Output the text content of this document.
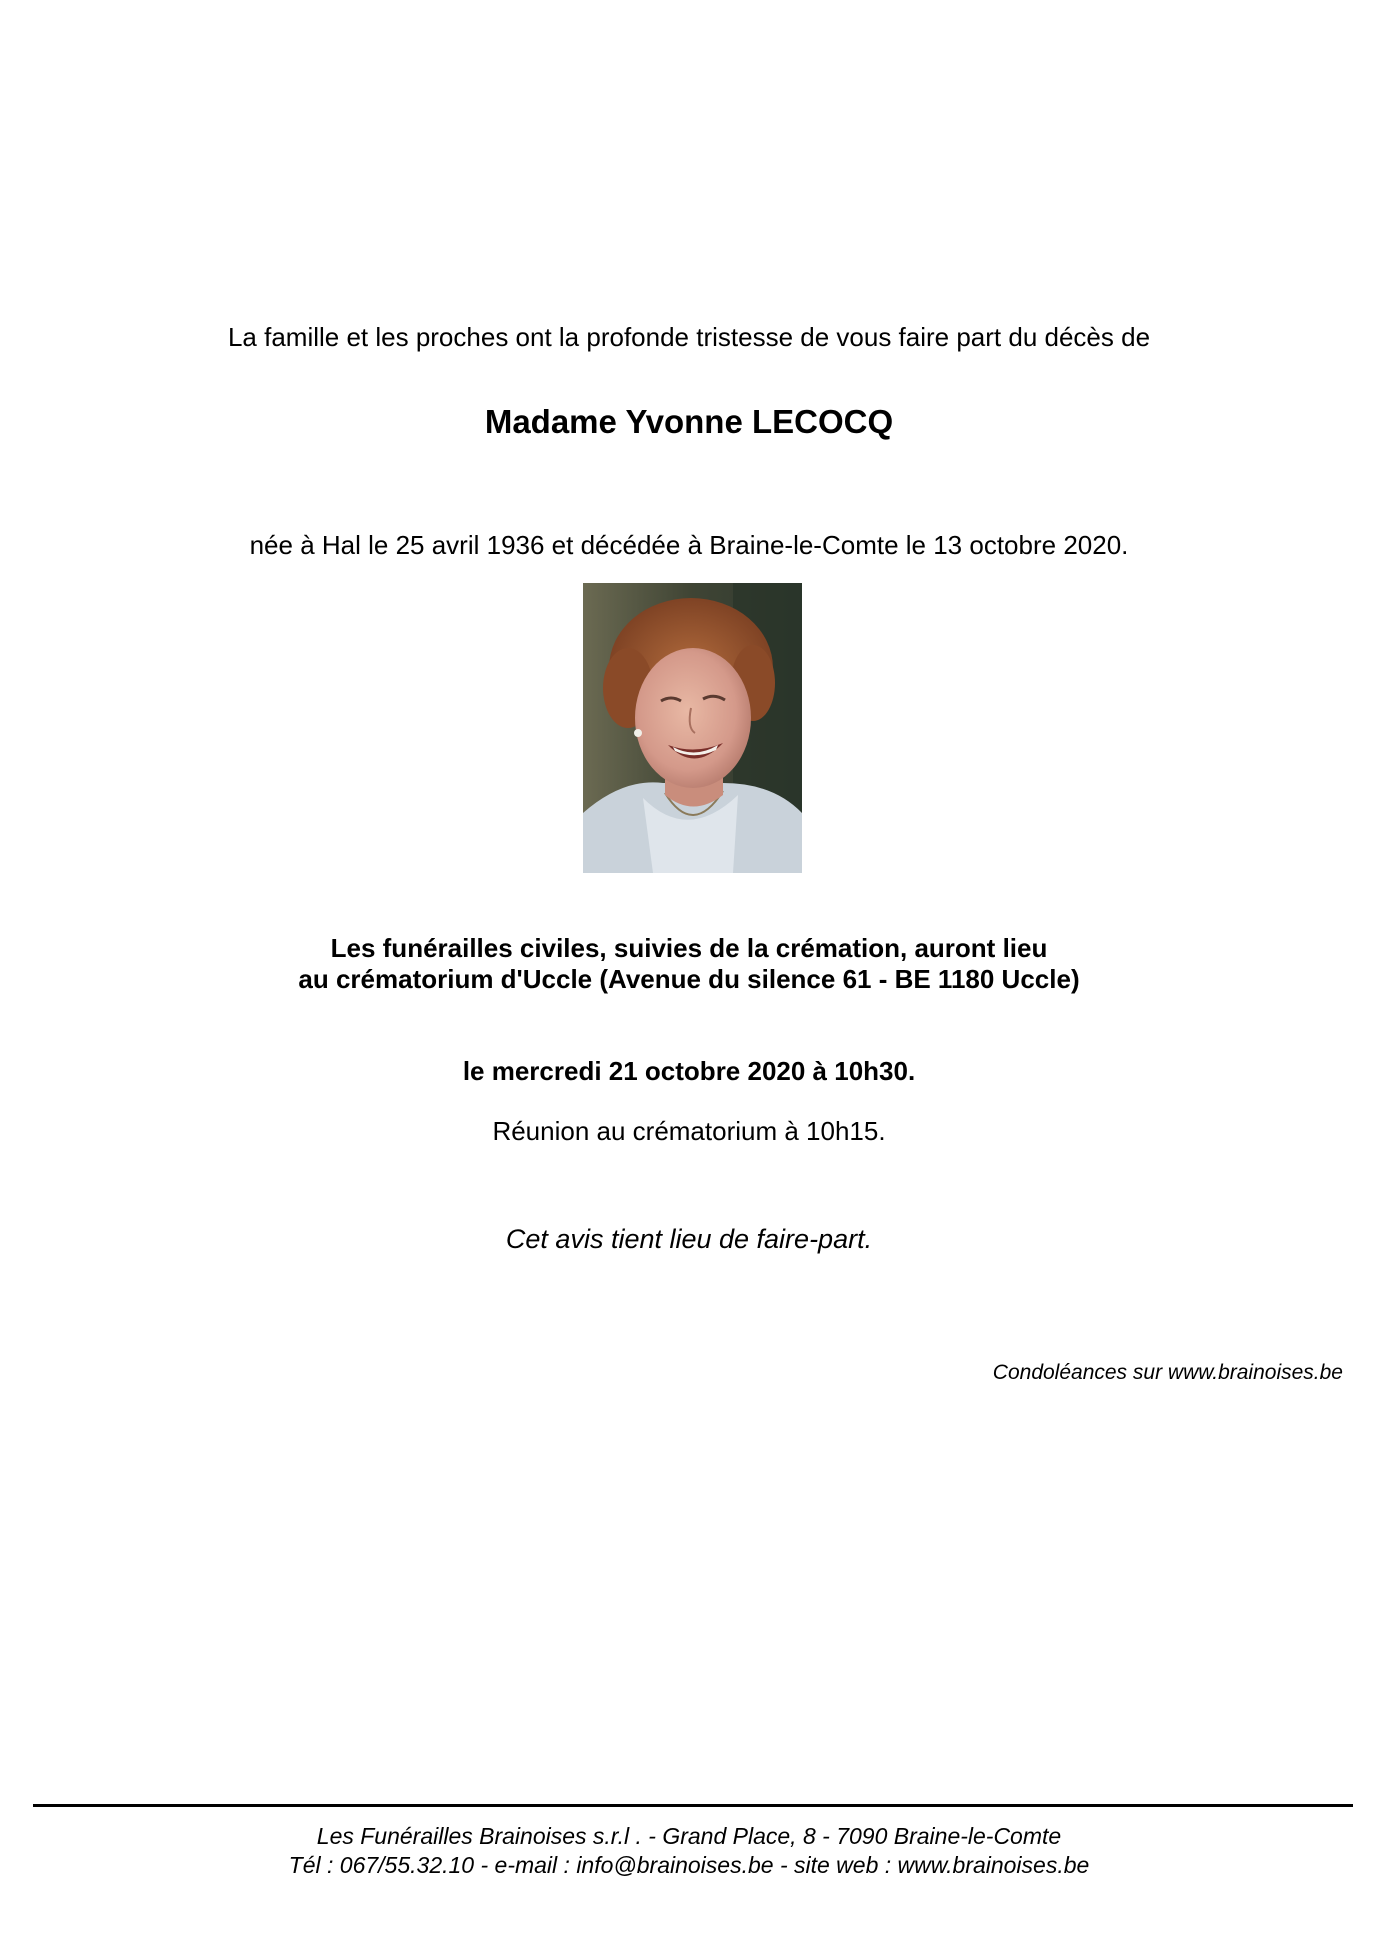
La famille et les proches ont la profonde tristesse de vous faire part du décès de
Madame Yvonne LECOCQ
née à Hal le 25 avril 1936 et décédée à Braine-le-Comte le 13 octobre 2020.
Les funérailles civiles, suivies de la crémation, auront lieu
au crématorium d'Uccle (Avenue du silence 61 - BE 1180 Uccle)
le mercredi 21 octobre 2020 à 10h30.
Réunion au crématorium à 10h15.
Cet avis tient lieu de faire-part.
Condoléances sur www.brainoises.be
Les Funérailles Brainoises s.r.l . - Grand Place, 8 - 7090 Braine-le-Comte
Tél : 067/55.32.10 - e-mail : info@brainoises.be - site web : www.brainoises.be
